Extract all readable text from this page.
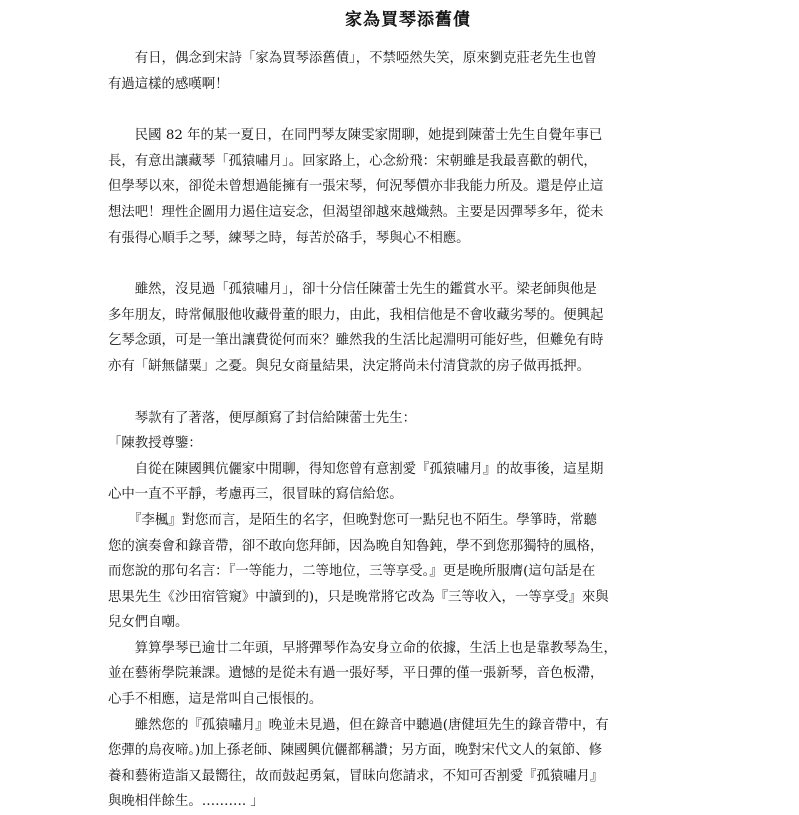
家為買琴添舊債
　　有日，偶念到宋詩「家為買琴添舊債」，不禁啞然失笑，原來劉克莊老先生也曾
有過這樣的感嘆啊！
　　民國 82 年的某一夏日，在同門琴友陳雯家閒聊，她提到陳蕾士先生自覺年事已
長，有意出讓藏琴「孤猿嘯月」。回家路上，心念紛飛：宋朝雖是我最喜歡的朝代，
但學琴以來，卻從未曾想過能擁有一張宋琴，何況琴價亦非我能力所及。還是停止這
想法吧！理性企圖用力遏住這妄念，但渴望卻越來越熾熱。主要是因彈琴多年，從未
有張得心順手之琴，練琴之時，每苦於硌手，琴與心不相應。
　　雖然，沒見過「孤猿嘯月」，卻十分信任陳蕾士先生的鑑賞水平。梁老師與他是
多年朋友，時常佩服他收藏骨董的眼力，由此，我相信他是不會收藏劣琴的。便興起
乞琴念頭，可是一筆出讓費從何而來？雖然我的生活比起淵明可能好些，但難免有時
亦有「缾無儲粟」之憂。與兒女商量結果，決定將尚未付清貸款的房子做再抵押。
　　琴款有了著落，便厚顏寫了封信給陳蕾士先生：
「陳教授尊鑒：
　　自從在陳國興伉儷家中閒聊，得知您曾有意割愛『孤猿嘯月』的故事後，這星期
心中一直不平靜，考慮再三，很冒昧的寫信給您。
　　『李楓』對您而言，是陌生的名字，但晚對您可一點兒也不陌生。學箏時，常聽
您的演奏會和錄音帶，卻不敢向您拜師，因為晚自知魯鈍，學不到您那獨特的風格，
而您說的那句名言：『一等能力，二等地位，三等享受。』更是晚所服膺(這句話是在
思果先生《沙田宿管窺》中讀到的)，只是晚常將它改為『三等收入，一等享受』來與
兒女們自嘲。
　　算算學琴已逾廿二年頭，早將彈琴作為安身立命的依據，生活上也是靠教琴為生，
並在藝術學院兼課。遺憾的是從未有過一張好琴，平日彈的僅一張新琴，音色板滯，
心手不相應，這是常叫自己悵悵的。
　　雖然您的『孤猿嘯月』晚並未見過，但在錄音中聽過(唐健垣先生的錄音帶中，有
您彈的烏夜啼。)加上孫老師、陳國興伉儷都稱讚；另方面，晚對宋代文人的氣節、修
養和藝術造詣又最嚮往，故而鼓起勇氣，冒昧向您請求，不知可否割愛『孤猿嘯月』
與晚相伴餘生。………. 」
